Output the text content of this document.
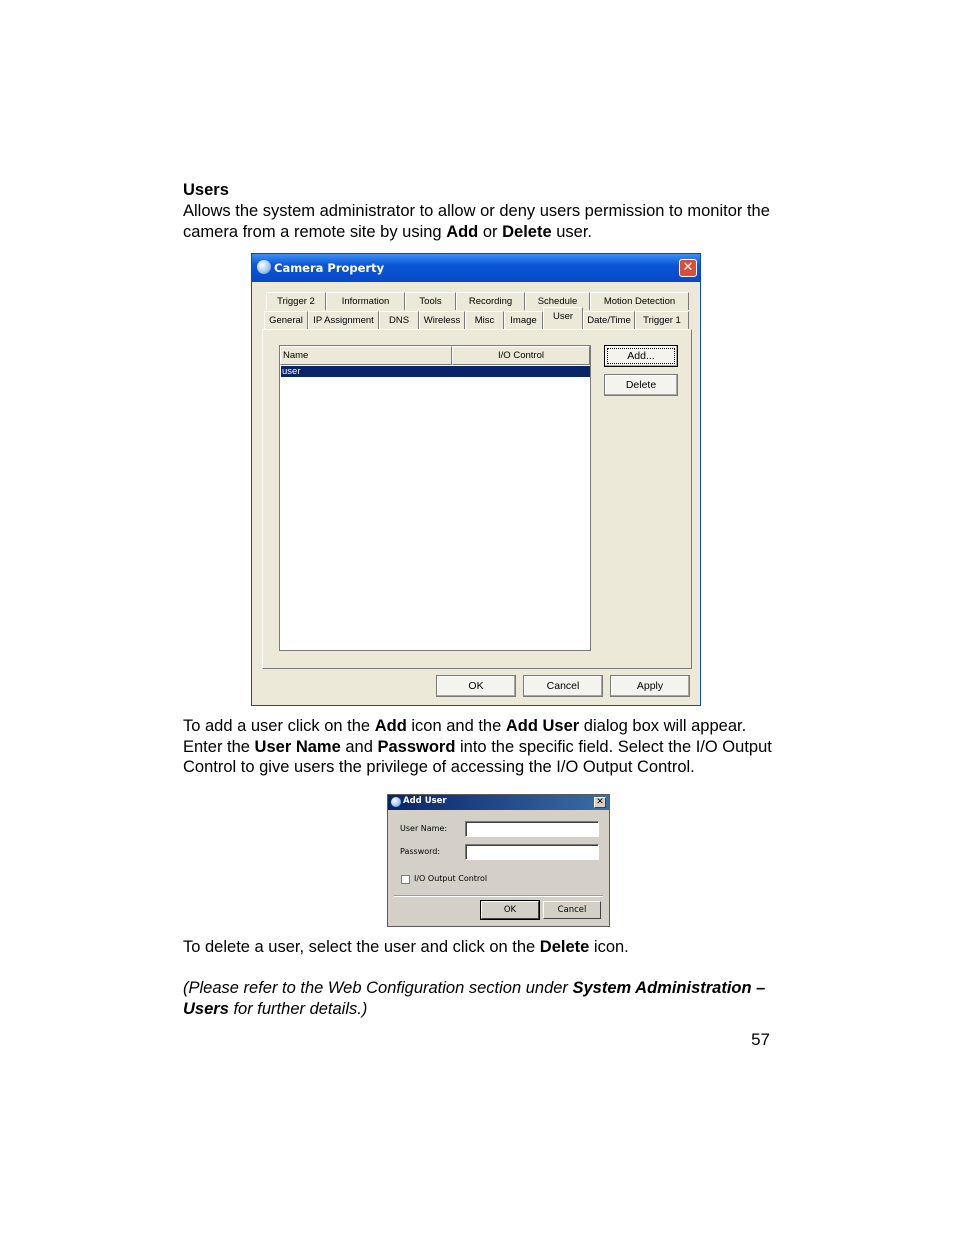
Users
Allows the system administrator to allow or deny users permission to monitor the camera from a remote site by using Add or Delete user.
Camera Property	✕
Trigger 2	Information	Tools	Recording	Schedule	Motion Detection
General	IP Assignment	DNS	Wireless	Misc	Image	User	Date/Time	Trigger 1
Name	I/O Control
user
Add...
Delete
OK	Cancel	Apply
To add a user click on the Add icon and the Add User dialog box will appear. Enter the User Name and Password into the specific field. Select the I/O Output Control to give users the privilege of accessing the I/O Output Control.
Add User	✕
User Name:
Password:
I/O Output Control
OK	Cancel
To delete a user, select the user and click on the Delete icon.
(Please refer to the Web Configuration section under System Administration – Users for further details.)
57
